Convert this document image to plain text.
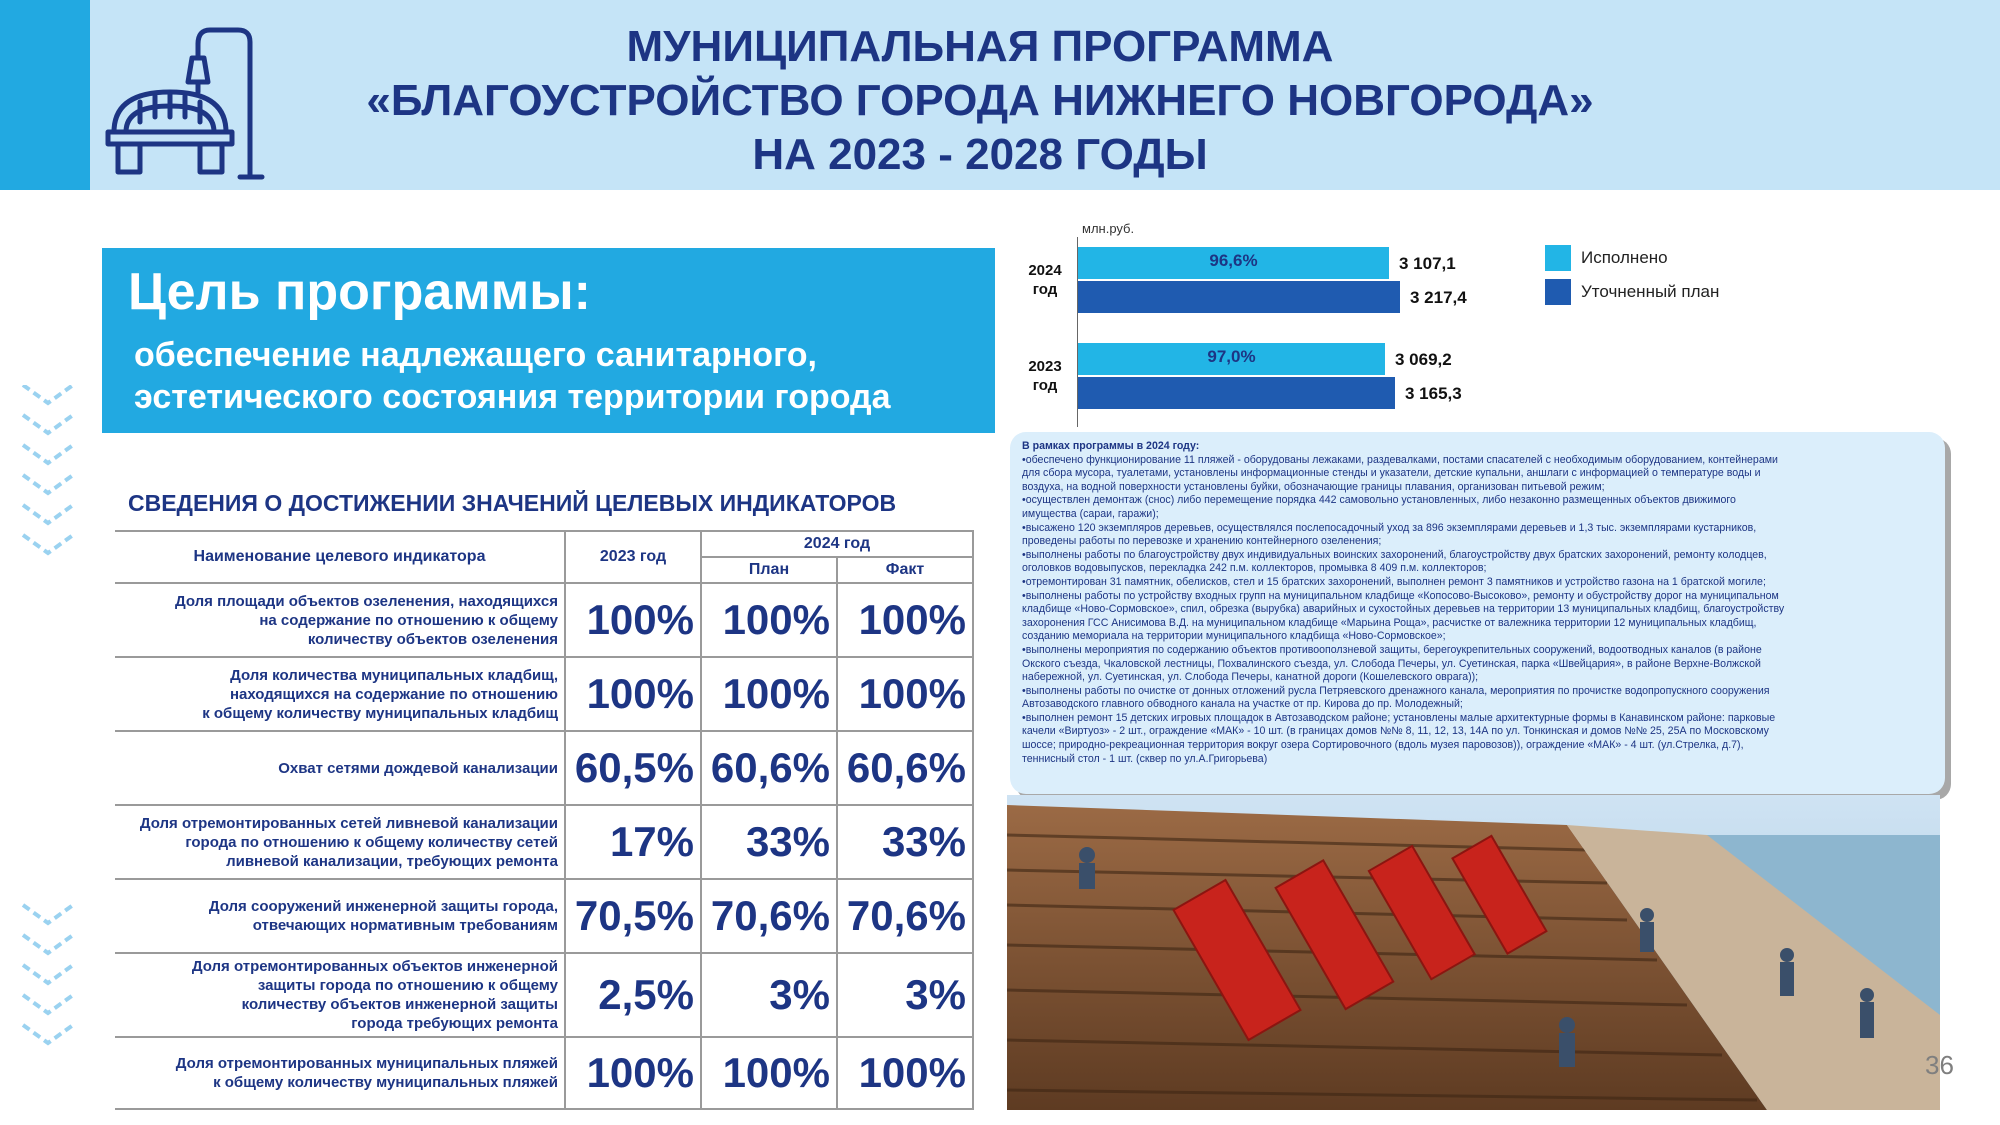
МУНИЦИПАЛЬНАЯ ПРОГРАММА
«БЛАГОУСТРОЙСТВО ГОРОДА НИЖНЕГО НОВГОРОДА»
НА 2023 - 2028 ГОДЫ
Цель программы:
обеспечение надлежащего санитарного,
эстетического состояния территории города
СВЕДЕНИЯ О ДОСТИЖЕНИИ ЗНАЧЕНИЙ ЦЕЛЕВЫХ ИНДИКАТОРОВ
Наименование целевого индикатора	2023 год	2024 год	
		План	Факт

Доля площади объектов озеленения, находящихся
на содержание по отношению к общему
количеству объектов озеленения	100%	100%	100%

Доля количества муниципальных кладбищ,
находящихся на содержание по отношению
к общему количеству муниципальных кладбищ	100%	100%	100%

Охват сетями дождевой канализации	60,5%	60,6%	60,6%

Доля отремонтированных сетей ливневой канализации
города по отношению к общему количеству сетей
ливневой канализации, требующих ремонта	17%	33%	33%

Доля сооружений инженерной защиты города,
отвечающих нормативным требованиям	70,5%	70,6%	70,6%

Доля отремонтированных объектов инженерной
защиты города по отношению к общему
количеству объектов инженерной защиты
города требующих ремонта	2,5%	3%	3%

Доля отремонтированных муниципальных пляжей
к общему количеству муниципальных пляжей	100%	100%	100%
млн.руб.
2024
год
3 107,1
96,6%
3 217,4
2023
год
3 069,2
97,0%
3 165,3
Исполнено
Уточненный план
В рамках программы в 2024 году:
•обеспечено функционирование 11 пляжей - оборудованы лежаками, раздевалками, постами спасателей с необходимым оборудованием, контейнерами
для сбора мусора, туалетами, установлены информационные стенды и указатели, детские купальни, аншлаги с информацией о температуре воды и
воздуха, на водной поверхности установлены буйки, обозначающие границы плавания, организован питьевой режим;
•осуществлен демонтаж (снос) либо перемещение порядка 442 самовольно установленных, либо незаконно размещенных объектов движимого
имущества (сараи, гаражи);
•высажено 120 экземпляров деревьев, осуществлялся послепосадочный уход за 896 экземплярами деревьев и 1,3 тыс. экземплярами кустарников,
проведены работы по перевозке и хранению контейнерного озеленения;
•выполнены работы по благоустройству двух индивидуальных воинских захоронений, благоустройству двух братских захоронений, ремонту колодцев,
оголовков водовыпусков, перекладка 242 п.м. коллекторов, промывка 8 409 п.м. коллекторов;
•отремонтирован 31 памятник, обелисков, стел и 15 братских захоронений, выполнен ремонт 3 памятников и устройство газона на 1 братской могиле;
•выполнены работы по устройству входных групп на муниципальном кладбище «Копосово-Высоково», ремонту и обустройству дорог на муниципальном
кладбище «Ново-Сормовское», спил, обрезка (вырубка) аварийных и сухостойных деревьев на территории 13 муниципальных кладбищ, благоустройству
захоронения ГСС Анисимова В.Д. на муниципальном кладбище «Марьина Роща», расчистке от валежника территории 12 муниципальных кладбищ,
созданию мемориала на территории муниципального кладбища «Ново-Сормовское»;
•выполнены мероприятия по содержанию объектов противооползневой защиты, берегоукрепительных сооружений, водоотводных каналов (в районе
Окского съезда, Чкаловской лестницы, Похвалинского съезда, ул. Слобода Печеры, ул. Суетинская, парка «Швейцария», в районе Верхне-Волжской
набережной, ул. Суетинская, ул. Слобода Печеры, канатной дороги (Кошелевского оврага));
•выполнены работы по очистке от донных отложений русла Петряевского дренажного канала, мероприятия по прочистке водопропускного сооружения
Автозаводского главного обводного канала на участке от пр. Кирова до пр. Молодежный;
•выполнен ремонт 15 детских игровых площадок в Автозаводском районе; установлены малые архитектурные формы в Канавинском районе: парковые
качели «Виртуоз» - 2 шт., ограждение «МАК» - 10 шт. (в границах домов №№ 8, 11, 12, 13, 14А по ул. Тонкинская и домов №№ 25, 25А по Московскому
шоссе; природно-рекреационная территория вокруг озера Сортировочного (вдоль музея паровозов)), ограждение «МАК» - 4 шт. (ул.Стрелка, д.7),
теннисный стол - 1 шт. (сквер по ул.А.Григорьева)
36
